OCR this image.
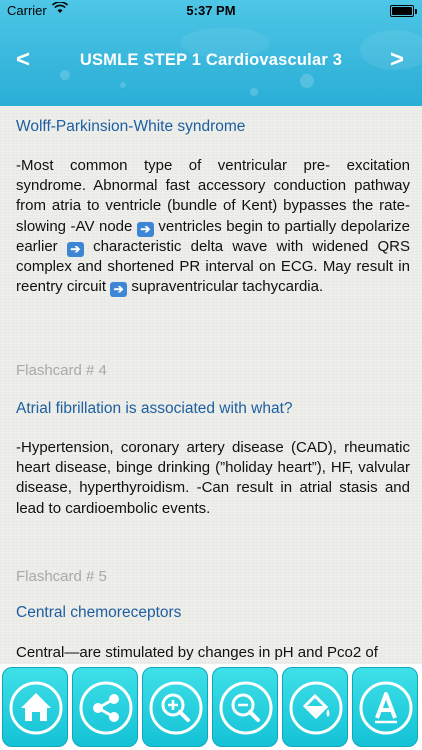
Carrier	5:37 PM
<	USMLE STEP 1 Cardiovascular 3	>
Wolff-Parkinsion-White syndrome
-Most common type of ventricular pre- excitation syndrome. Abnormal fast accessory conduction pathway from atria to ventricle (bundle of Kent) bypasses the rate-slowing -AV node ➔ ventricles begin to partially depolarize earlier ➔ characteristic delta wave with widened QRS complex and shortened PR interval on ECG. May result in reentry circuit ➔ supraventricular tachycardia.
Flashcard # 4
Atrial fibrillation is associated with what?
-Hypertension, coronary artery disease (CAD), rheumatic heart disease, binge drinking (”holiday heart”), HF, valvular disease, hyperthyroidism. -Can result in atrial stasis and lead to cardioembolic events.
Flashcard # 5
Central chemoreceptors
Central—are stimulated by changes in pH and Pco2 of
